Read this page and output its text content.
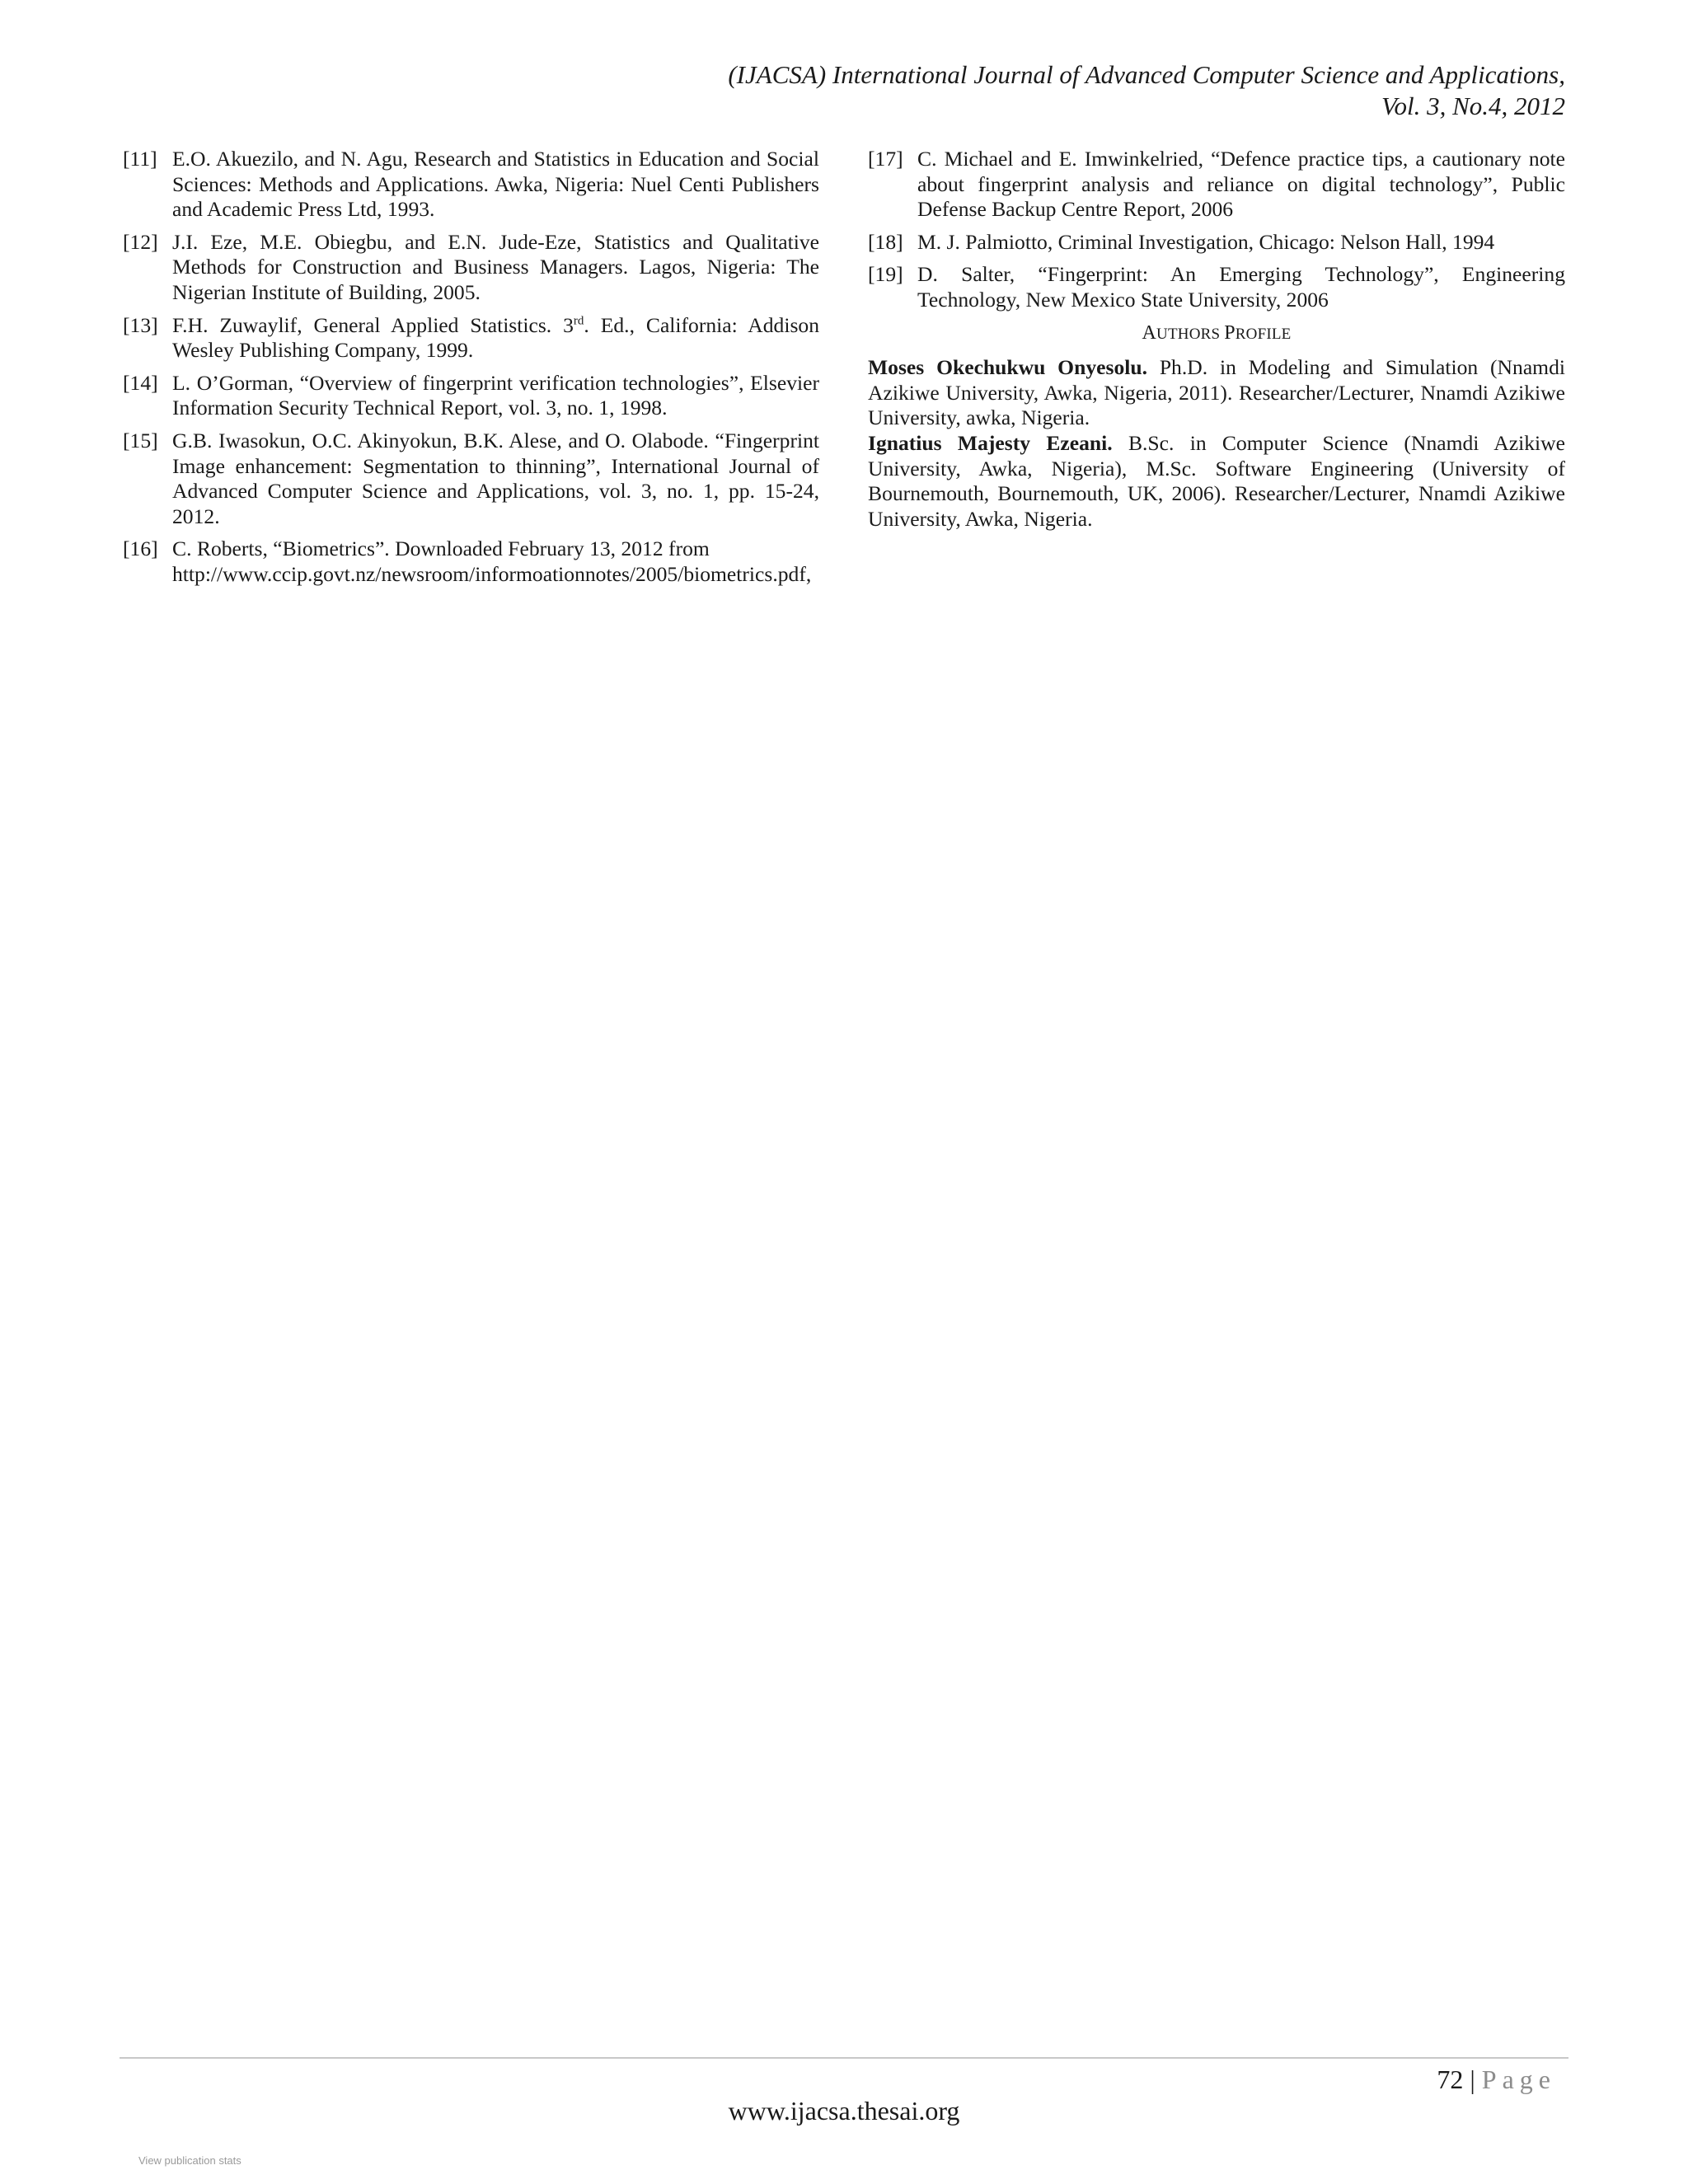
(IJACSA) International Journal of Advanced Computer Science and Applications,
Vol. 3, No.4, 2012
[11] E.O. Akuezilo, and N. Agu, Research and Statistics in Education and Social Sciences: Methods and Applications. Awka, Nigeria: Nuel Centi Publishers and Academic Press Ltd, 1993.
[12] J.I. Eze, M.E. Obiegbu, and E.N. Jude-Eze, Statistics and Qualitative Methods for Construction and Business Managers. Lagos, Nigeria: The Nigerian Institute of Building, 2005.
[13] F.H. Zuwaylif, General Applied Statistics. 3rd. Ed., California: Addison Wesley Publishing Company, 1999.
[14] L. O’Gorman, “Overview of fingerprint verification technologies”, Elsevier Information Security Technical Report, vol. 3, no. 1, 1998.
[15] G.B. Iwasokun, O.C. Akinyokun, B.K. Alese, and O. Olabode. “Fingerprint Image enhancement: Segmentation to thinning”, International Journal of Advanced Computer Science and Applications, vol. 3, no. 1, pp. 15-24, 2012.
[16] C. Roberts, “Biometrics”. Downloaded February 13, 2012 from
http://www.ccip.govt.nz/newsroom/informoationnotes/2005/biometrics.pdf,
[17] C. Michael and E. Imwinkelried, “Defence practice tips, a cautionary note about fingerprint analysis and reliance on digital technology”, Public Defense Backup Centre Report, 2006
[18] M. J. Palmiotto, Criminal Investigation, Chicago: Nelson Hall, 1994
[19] D. Salter, “Fingerprint: An Emerging Technology”, Engineering Technology, New Mexico State University, 2006
AUTHORS PROFILE

Moses Okechukwu Onyesolu. Ph.D. in Modeling and Simulation (Nnamdi Azikiwe University, Awka, Nigeria, 2011). Researcher/Lecturer, Nnamdi Azikiwe University, awka, Nigeria.

Ignatius Majesty Ezeani. B.Sc. in Computer Science (Nnamdi Azikiwe University, Awka, Nigeria), M.Sc. Software Engineering (University of Bournemouth, Bournemouth, UK, 2006). Researcher/Lecturer, Nnamdi Azikiwe University, Awka, Nigeria.

72 | Page
www.ijacsa.thesai.org
View publication stats
